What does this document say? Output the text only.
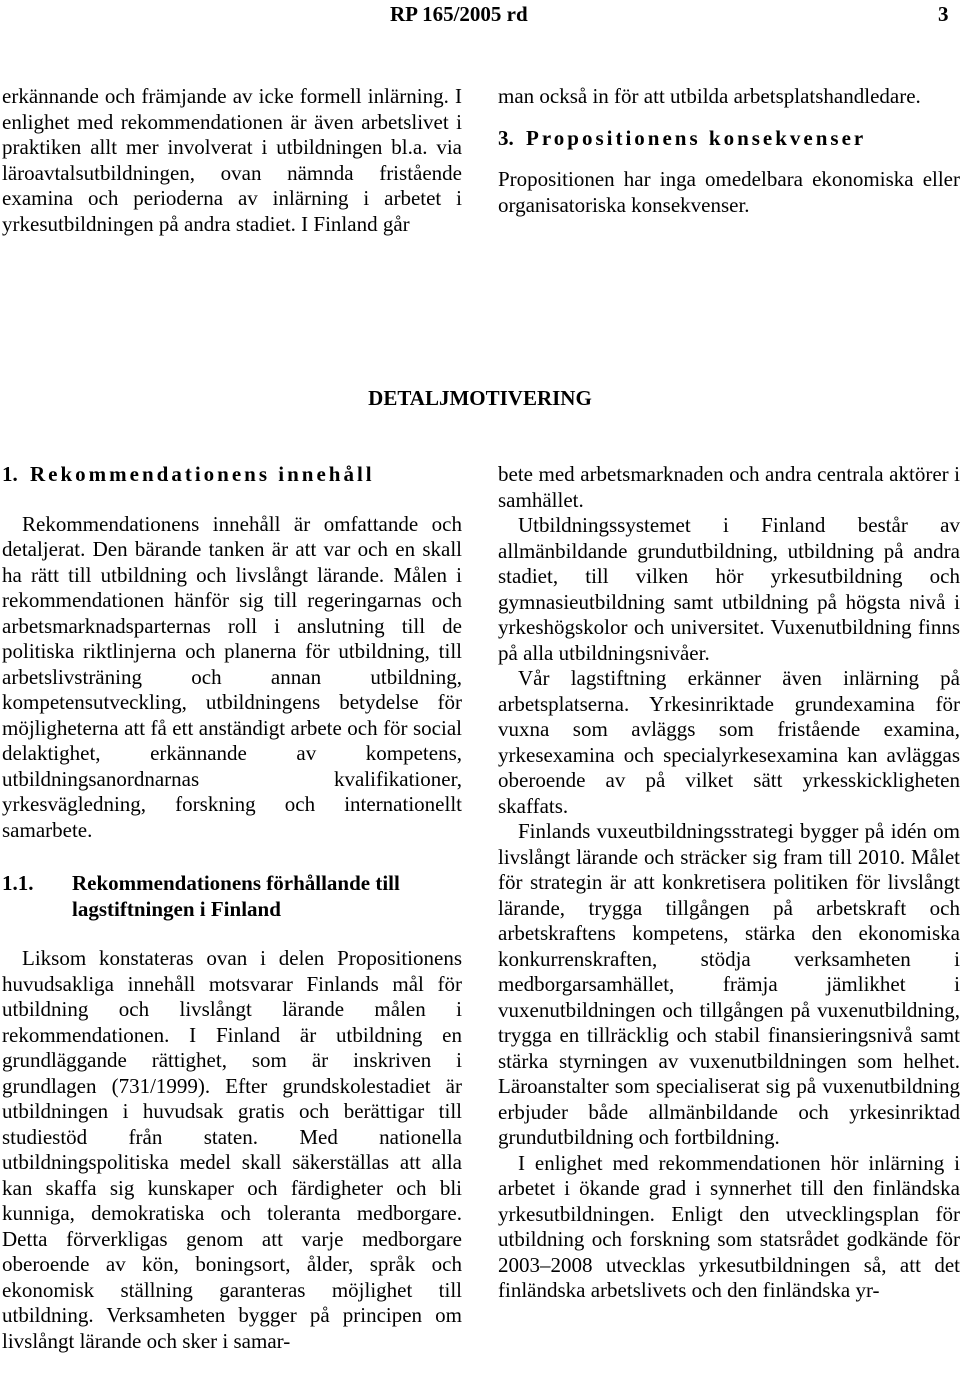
RP 165/2005 rd	3

erkännande och främjande av icke formell inlärning. I enlighet med rekommendationen är även arbetslivet i praktiken allt mer involverat i utbildningen bl.a. via läroavtalsutbildningen, ovan nämnda fristående examina och perioderna av inlärning i arbetet i yrkesutbildningen på andra stadiet. I Finland går

man också in för att utbilda arbetsplatshandledare.

3. Propositionens konsekvenser

Propositionen har inga omedelbara ekonomiska eller organisatoriska konsekvenser.

DETALJMOTIVERING

1. Rekommendationens innehåll

Rekommendationens innehåll är omfattande och detaljerat. Den bärande tanken är att var och en skall ha rätt till utbildning och livslångt lärande. Målen i rekommendationen hänför sig till regeringarnas och arbetsmarknadsparternas roll i anslutning till de politiska riktlinjerna och planerna för utbildning, till arbetslivsträning och annan utbildning, kompetensutveckling, utbildningens betydelse för möjligheterna att få ett anständigt arbete och för social delaktighet, erkännande av kompetens, utbildningsanordnarnas kvalifikationer, yrkesvägledning, forskning och internationellt samarbete.

1.1.	Rekommendationens förhållande till lagstiftningen i Finland

Liksom konstateras ovan i delen Propositionens huvudsakliga innehåll motsvarar Finlands mål för utbildning och livslångt lärande målen i rekommendationen. I Finland är utbildning en grundläggande rättighet, som är inskriven i grundlagen (731/1999). Efter grundskolestadiet är utbildningen i huvudsak gratis och berättigar till studiestöd från staten. Med nationella utbildningspolitiska medel skall säkerställas att alla kan skaffa sig kunskaper och färdigheter och bli kunniga, demokratiska och toleranta medborgare. Detta förverkligas genom att varje medborgare oberoende av kön, boningsort, ålder, språk och ekonomisk ställning garanteras möjlighet till utbildning. Verksamheten bygger på principen om livslångt lärande och sker i samar-

bete med arbetsmarknaden och andra centrala aktörer i samhället.

Utbildningssystemet i Finland består av allmänbildande grundutbildning, utbildning på andra stadiet, till vilken hör yrkesutbildning och gymnasieutbildning samt utbildning på högsta nivå i yrkeshögskolor och universitet. Vuxenutbildning finns på alla utbildningsnivåer.

Vår lagstiftning erkänner även inlärning på arbetsplatserna. Yrkesinriktade grundexamina för vuxna som avläggs som fristående examina, yrkesexamina och specialyrkesexamina kan avläggas oberoende av på vilket sätt yrkesskickligheten skaffats.

Finlands vuxeutbildningsstrategi bygger på idén om livslångt lärande och sträcker sig fram till 2010. Målet för strategin är att konkretisera politiken för livslångt lärande, trygga tillgången på arbetskraft och arbetskraftens kompetens, stärka den ekonomiska konkurrenskraften, stödja verksamheten i medborgarsamhället, främja jämlikhet i vuxenutbildningen och tillgången på vuxenutbildning, trygga en tillräcklig och stabil finansieringsnivå samt stärka styrningen av vuxenutbildningen som helhet. Läroanstalter som specialiserat sig på vuxenutbildning erbjuder både allmänbildande och yrkesinriktad grundutbildning och fortbildning.

I enlighet med rekommendationen hör inlärning i arbetet i ökande grad i synnerhet till den finländska yrkesutbildningen. Enligt den utvecklingsplan för utbildning och forskning som statsrådet godkände för 2003–2008 utvecklas yrkesutbildningen så, att det finländska arbetslivets och den finländska yr-
